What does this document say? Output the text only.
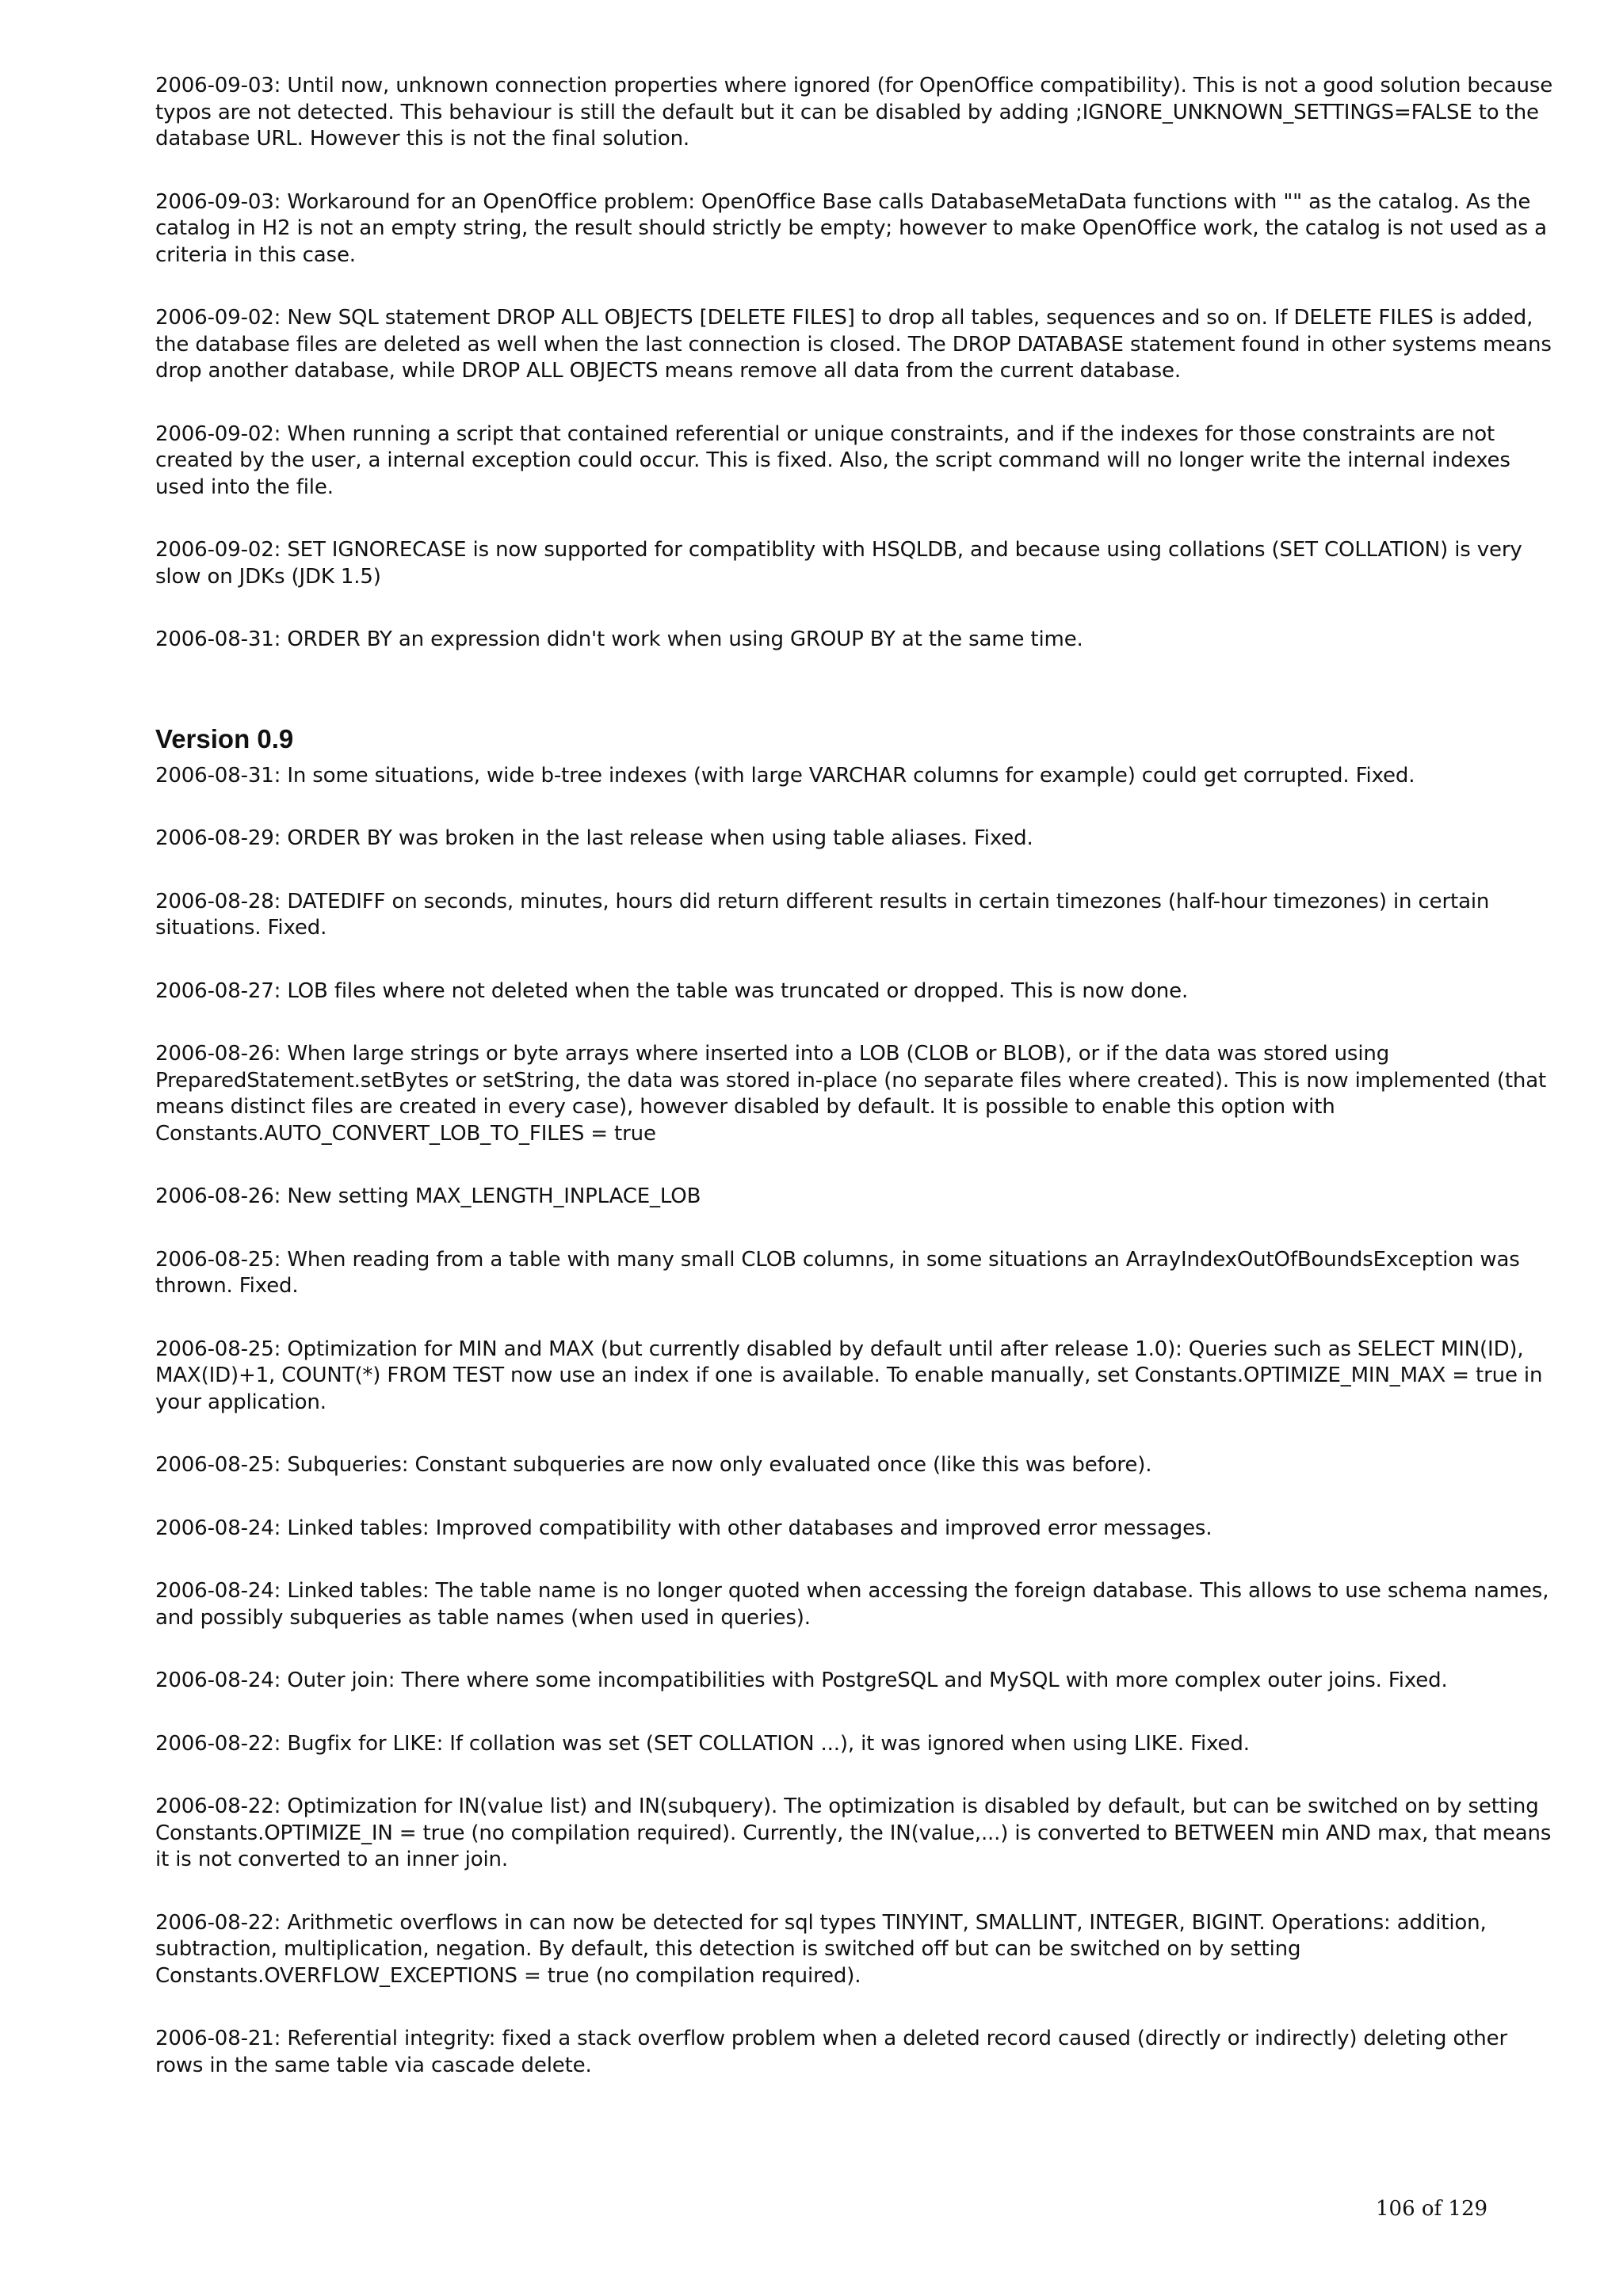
2006-09-03: Until now, unknown connection properties where ignored (for OpenOffice compatibility). This is not a good solution because typos are not detected. This behaviour is still the default but it can be disabled by adding ;IGNORE_UNKNOWN_SETTINGS=FALSE to the database URL. However this is not the final solution.

2006-09-03: Workaround for an OpenOffice problem: OpenOffice Base calls DatabaseMetaData functions with "" as the catalog. As the catalog in H2 is not an empty string, the result should strictly be empty; however to make OpenOffice work, the catalog is not used as a criteria in this case.

2006-09-02: New SQL statement DROP ALL OBJECTS [DELETE FILES] to drop all tables, sequences and so on. If DELETE FILES is added, the database files are deleted as well when the last connection is closed. The DROP DATABASE statement found in other systems means drop another database, while DROP ALL OBJECTS means remove all data from the current database.

2006-09-02: When running a script that contained referential or unique constraints, and if the indexes for those constraints are not created by the user, a internal exception could occur. This is fixed. Also, the script command will no longer write the internal indexes used into the file.

2006-09-02: SET IGNORECASE is now supported for compatiblity with HSQLDB, and because using collations (SET COLLATION) is very slow on JDKs (JDK 1.5)

2006-08-31: ORDER BY an expression didn't work when using GROUP BY at the same time.

Version 0.9

2006-08-31: In some situations, wide b-tree indexes (with large VARCHAR columns for example) could get corrupted. Fixed.

2006-08-29: ORDER BY was broken in the last release when using table aliases. Fixed.

2006-08-28: DATEDIFF on seconds, minutes, hours did return different results in certain timezones (half-hour timezones) in certain situations. Fixed.

2006-08-27: LOB files where not deleted when the table was truncated or dropped. This is now done.

2006-08-26: When large strings or byte arrays where inserted into a LOB (CLOB or BLOB), or if the data was stored using PreparedStatement.setBytes or setString, the data was stored in-place (no separate files where created). This is now implemented (that means distinct files are created in every case), however disabled by default. It is possible to enable this option with Constants.AUTO_CONVERT_LOB_TO_FILES = true

2006-08-26: New setting MAX_LENGTH_INPLACE_LOB

2006-08-25: When reading from a table with many small CLOB columns, in some situations an ArrayIndexOutOfBoundsException was thrown. Fixed.

2006-08-25: Optimization for MIN and MAX (but currently disabled by default until after release 1.0): Queries such as SELECT MIN(ID), MAX(ID)+1, COUNT(*) FROM TEST now use an index if one is available. To enable manually, set Constants.OPTIMIZE_MIN_MAX = true in your application.

2006-08-25: Subqueries: Constant subqueries are now only evaluated once (like this was before).

2006-08-24: Linked tables: Improved compatibility with other databases and improved error messages.

2006-08-24: Linked tables: The table name is no longer quoted when accessing the foreign database. This allows to use schema names, and possibly subqueries as table names (when used in queries).

2006-08-24: Outer join: There where some incompatibilities with PostgreSQL and MySQL with more complex outer joins. Fixed.

2006-08-22: Bugfix for LIKE: If collation was set (SET COLLATION ...), it was ignored when using LIKE. Fixed.

2006-08-22: Optimization for IN(value list) and IN(subquery). The optimization is disabled by default, but can be switched on by setting Constants.OPTIMIZE_IN = true (no compilation required). Currently, the IN(value,...) is converted to BETWEEN min AND max, that means it is not converted to an inner join.

2006-08-22: Arithmetic overflows in can now be detected for sql types TINYINT, SMALLINT, INTEGER, BIGINT. Operations: addition, subtraction, multiplication, negation. By default, this detection is switched off but can be switched on by setting Constants.OVERFLOW_EXCEPTIONS = true (no compilation required).

2006-08-21: Referential integrity: fixed a stack overflow problem when a deleted record caused (directly or indirectly) deleting other rows in the same table via cascade delete.

106 of 129
